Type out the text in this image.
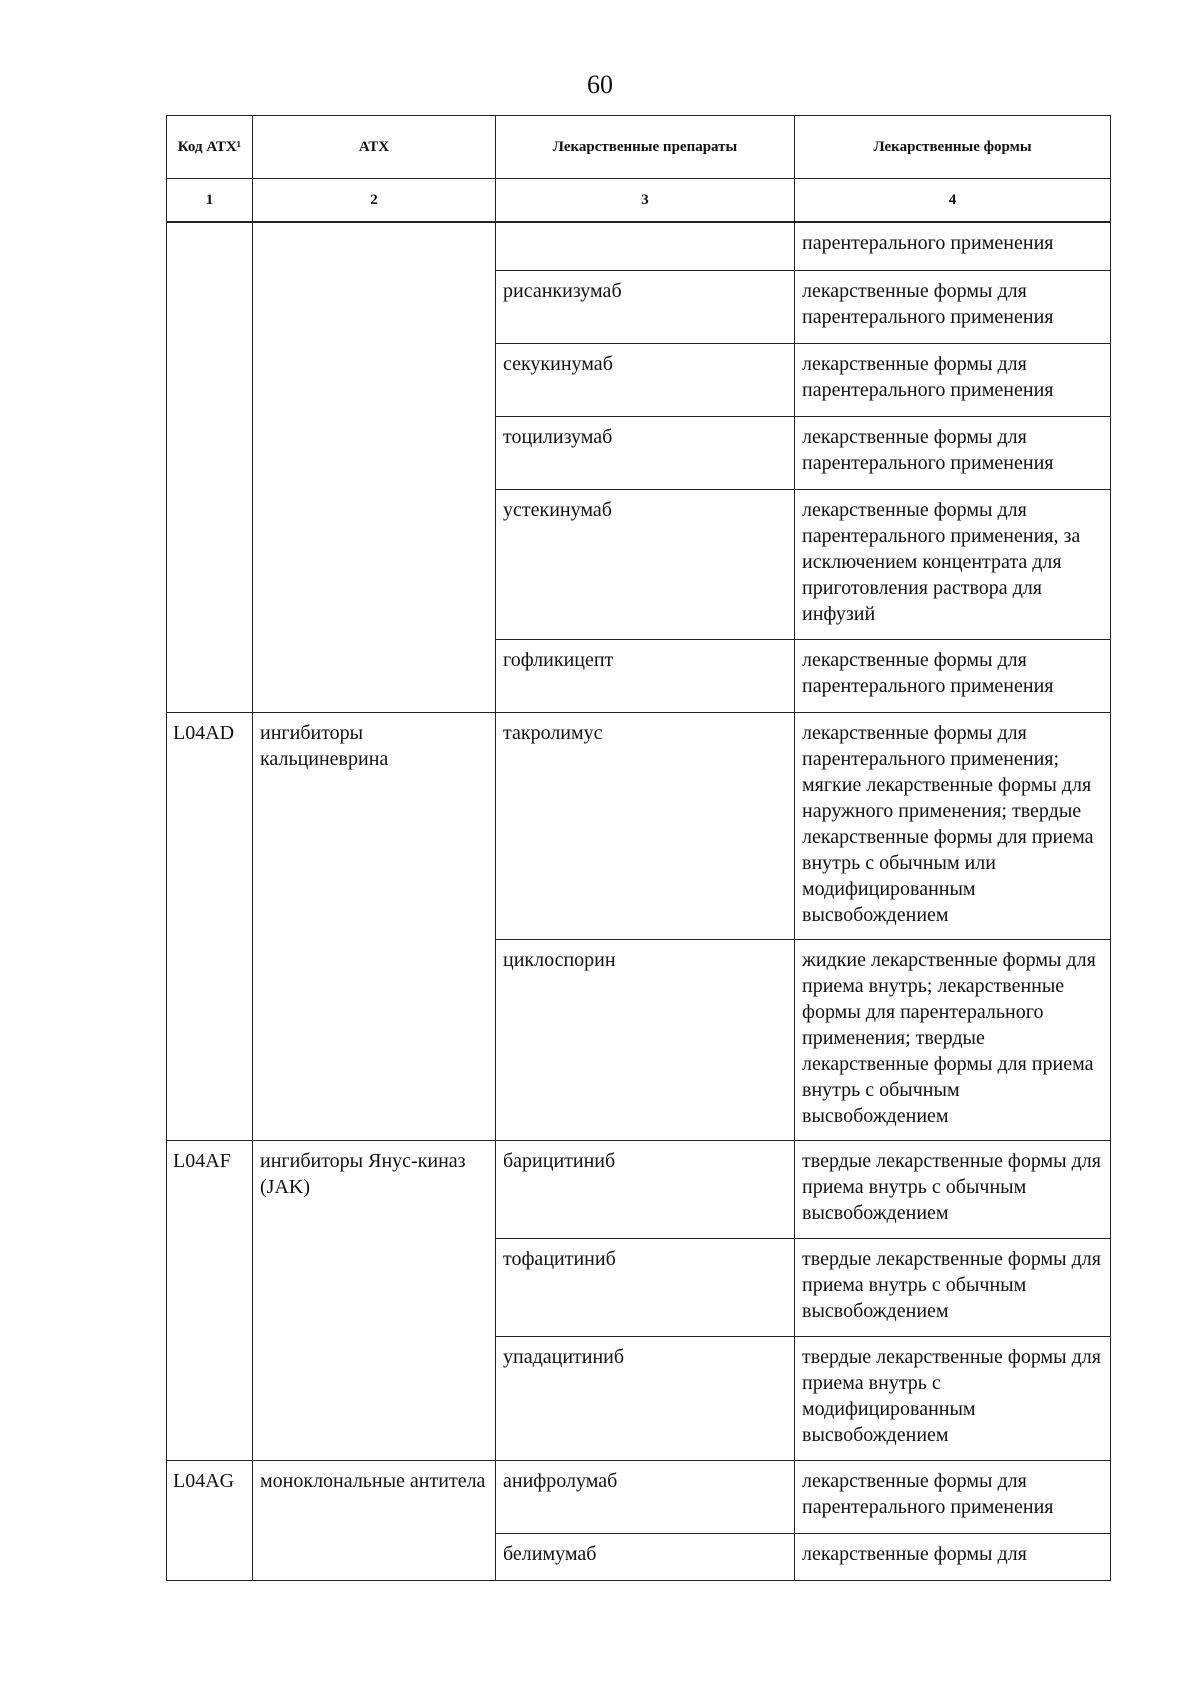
60
Код АТХ¹	АТХ	Лекарственные препараты	Лекарственные формы
1	2	3	4

			парентерального применения

		рисанкизумаб	лекарственные формы для парентерального применения

		секукинумаб	лекарственные формы для парентерального применения

		тоцилизумаб	лекарственные формы для парентерального применения

		устекинумаб	лекарственные формы для парентерального применения, за исключением концентрата для приготовления раствора для инфузий

		гофликицепт	лекарственные формы для парентерального применения

L04AD	ингибиторы кальциневрина	такролимус	лекарственные формы для парентерального применения; мягкие лекарственные формы для наружного применения; твердые лекарственные формы для приема внутрь с обычным или модифицированным высвобождением

		циклоспорин	жидкие лекарственные формы для приема внутрь; лекарственные формы для парентерального применения; твердые лекарственные формы для приема внутрь с обычным высвобождением

L04AF	ингибиторы Янус-киназ (JAK)	барицитиниб	твердые лекарственные формы для приема внутрь с обычным высвобождением

		тофацитиниб	твердые лекарственные формы для приема внутрь с обычным высвобождением

		упадацитиниб	твердые лекарственные формы для приема внутрь с модифицированным высвобождением

L04AG	моноклональные антитела	анифролумаб	лекарственные формы для парентерального применения

		белимумаб	лекарственные формы для
